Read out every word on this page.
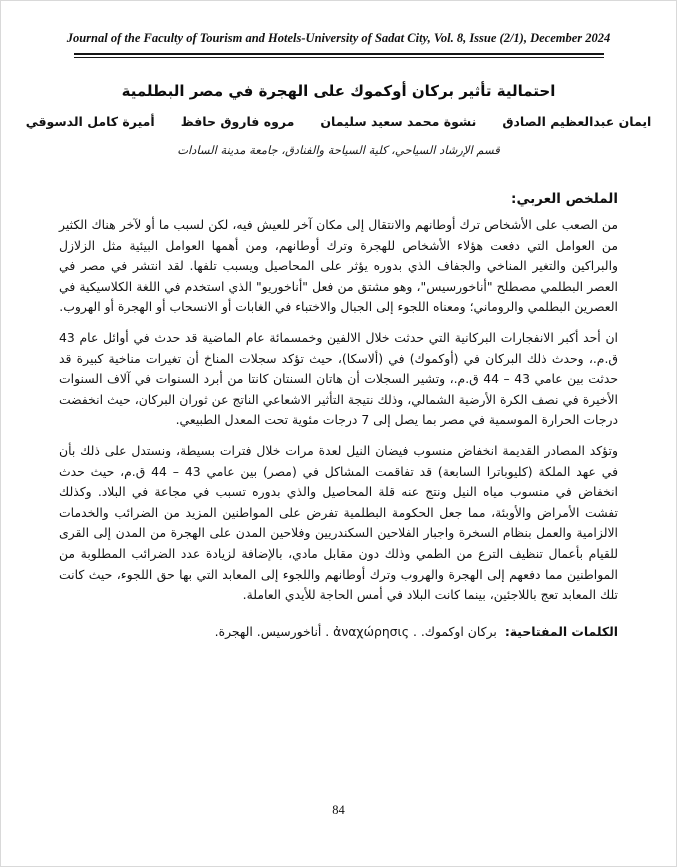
Journal of the Faculty of Tourism and Hotels-University of Sadat City, Vol. 8, Issue (2/1), December 2024
احتمالية تأثير بركان أوكموك على الهجرة في مصر البطلمية
ايمان عبدالعظيم الصادق
نشوة محمد سعيد سليمان
مروه فاروق حافظ
أميرة كامل الدسوقي
قسم الإرشاد السياحي، كلية السياحة والفنادق، جامعة مدينة السادات
الملخص العربي:

من الصعب على الأشخاص ترك أوطانهم والانتقال إلى مكان آخر للعيش فيه، لكن لسبب ما أو لآخر هناك الكثير من العوامل التي دفعت هؤلاء الأشخاص للهجرة وترك أوطانهم، ومن أهمها العوامل البيئية مثل الزلازل والبراكين والتغير المناخي والجفاف الذي بدوره يؤثر على المحاصيل ويسبب تلفها. لقد انتشر في مصر في العصر البطلمي مصطلح "أناخورسيس"، وهو مشتق من فعل "أناخوريو" الذي استخدم في اللغة الكلاسيكية في العصرين البطلمي والروماني؛ ومعناه اللجوء إلى الجبال والاختباء في الغابات أو الانسحاب أو الهجرة أو الهروب.

ان أحد أكبر الانفجارات البركانية التي حدثت خلال الالفين وخمسمائة عام الماضية قد حدث في أوائل عام 43 ق.م.، وحدث ذلك البركان في (أوكموك) في (ألاسكا)، حيث تؤكد سجلات المناخ أن تغيرات مناخية كبيرة قد حدثت بين عامي 43 – 44 ق.م.، وتشير السجلات أن هاتان السنتان كانتا من أبرد السنوات في آلاف السنوات الأخيرة في نصف الكرة الأرضية الشمالي، وذلك نتيجة التأثير الاشعاعي الناتج عن ثوران البركان، حيث انخفضت درجات الحرارة الموسمية في مصر بما يصل إلى 7 درجات مئوية تحت المعدل الطبيعي.

وتؤكد المصادر القديمة انخفاض منسوب فيضان النيل لعدة مرات خلال فترات بسيطة، ونستدل على ذلك بأن في عهد الملكة (كليوباترا السابعة) قد تفاقمت المشاكل في (مصر) بين عامي 43 – 44 ق.م، حيث حدث انخفاض في منسوب مياه النيل ونتج عنه قلة المحاصيل والذي بدوره تسبب في مجاعة في البلاد. وكذلك تفشت الأمراض والأوبئة، مما جعل الحكومة البطلمية تفرض على المواطنين المزيد من الضرائب والخدمات الالزامية والعمل بنظام السخرة واجبار الفلاحين السكندريين وفلاحين المدن على الهجرة من المدن إلى القرى للقيام بأعمال تنظيف الترع من الطمي وذلك دون مقابل مادي، بالإضافة لزيادة عدد الضرائب المطلوبة من المواطنين مما دفعهم إلى الهجرة والهروب وترك أوطانهم واللجوء إلى المعابد التي بها حق اللجوء، حيث كانت تلك المعابد تعج باللاجئين، بينما كانت البلاد في أمس الحاجة للأيدي العاملة.

الكلمات المفتاحية: بركان اوكموك. . ἀναχώρησις . أناخورسيس. الهجرة.

84
